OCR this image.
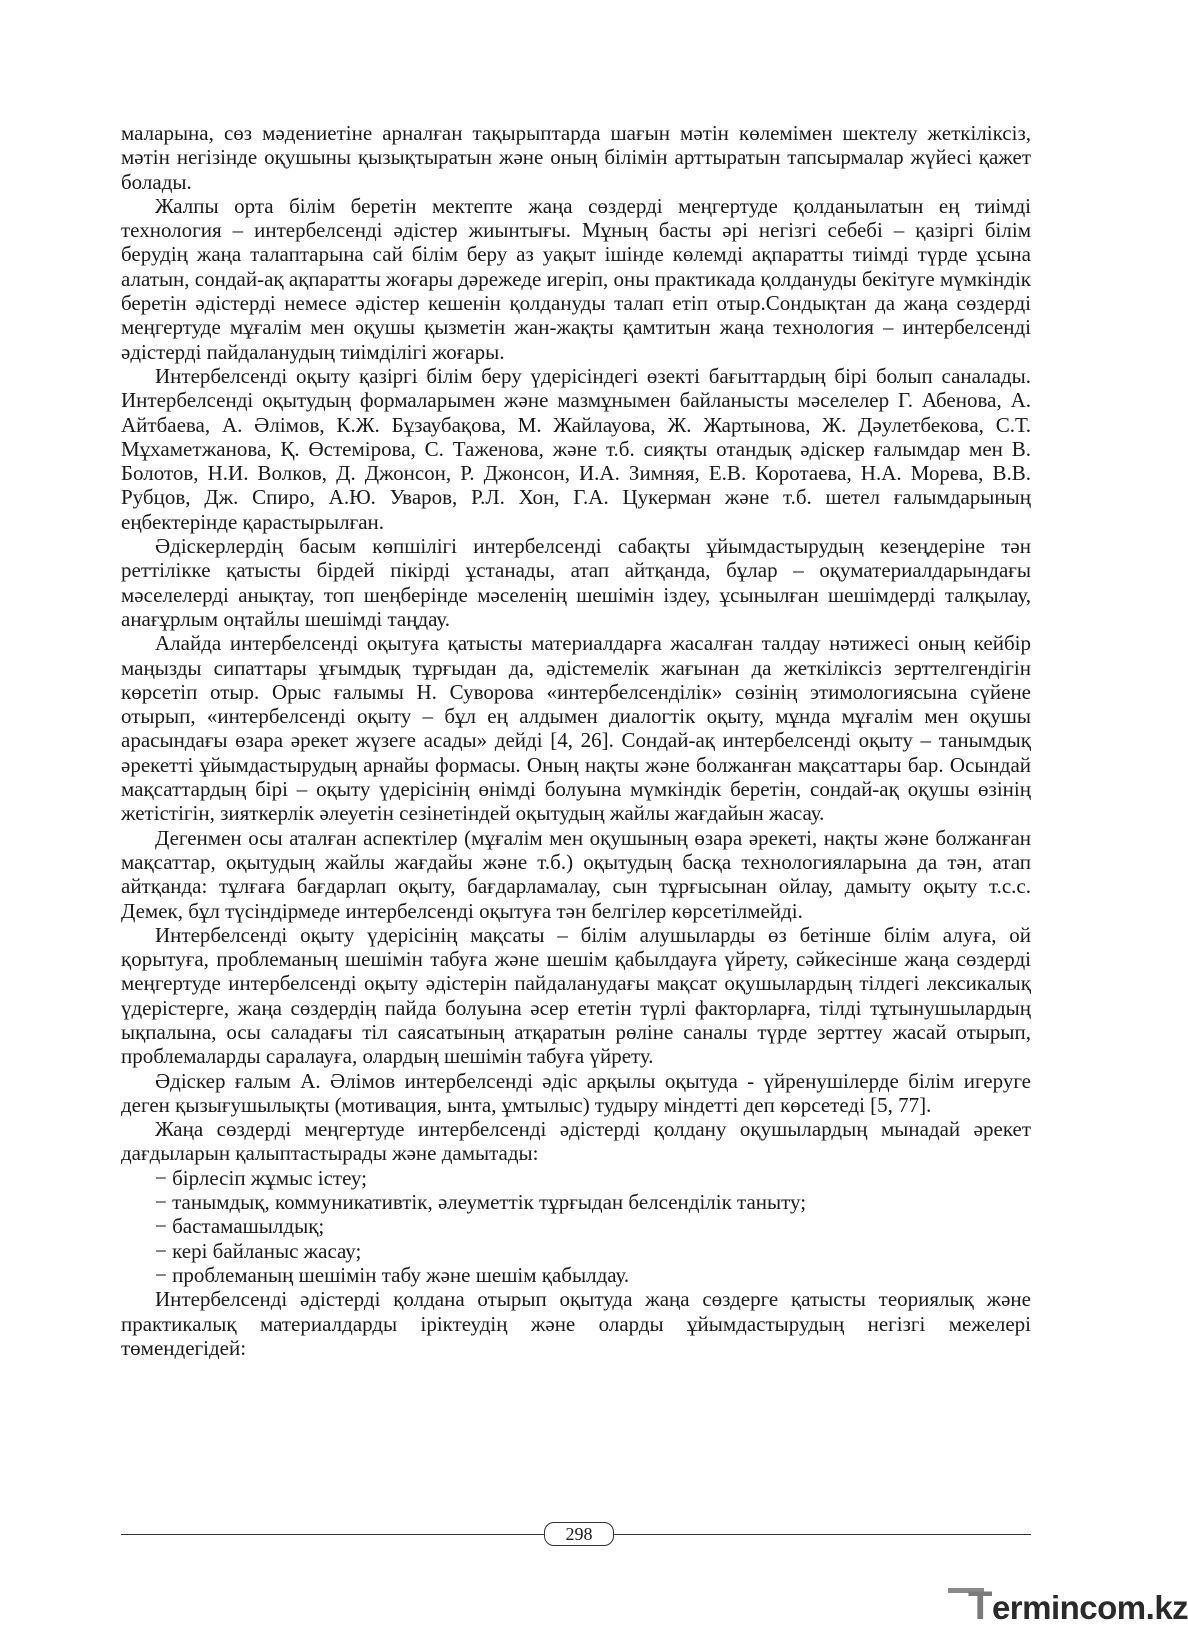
маларына, сөз мәдениетіне арналған тақырыптарда шағын мәтін көлемімен шектелу жеткіліксіз, мәтін негізінде оқушыны қызықтыратын және оның білімін арттыратын тапсырмалар жүйесі қажет болады.

Жалпы орта білім беретін мектепте жаңа сөздерді меңгертуде қолданылатын ең тиімді технология – интербелсенді әдістер жиынтығы. Мұның басты әрі негізгі себебі – қазіргі білім берудің жаңа талаптарына сай білім беру аз уақыт ішінде көлемді ақпаратты тиімді түрде ұсына алатын, сондай-ақ ақпаратты жоғары дәрежеде игеріп, оны практикада қолдануды бекітуге мүмкіндік беретін әдістерді немесе әдістер кешенін қолдануды талап етіп отыр.Сондықтан да жаңа сөздерді меңгертуде мұғалім мен оқушы қызметін жан-жақты қамтитын жаңа технология – интербелсенді әдістерді пайдаланудың тиімділігі жоғары.

Интербелсенді оқыту қазіргі білім беру үдерісіндегі өзекті бағыттардың бірі болып саналады. Интербелсенді оқытудың формаларымен және мазмұнымен байланысты мәселелер Г. Абенова, А. Айтбаева, А. Әлімов, К.Ж. Бұзаубақова, М. Жайлауова, Ж. Жартынова, Ж. Дәулетбекова, С.Т. Мұхаметжанова, Қ. Өстемірова, С. Таженова, және т.б. сияқты отандық әдіскер ғалымдар мен В. Болотов, Н.И. Волков, Д. Джонсон, Р. Джонсон, И.А. Зимняя, Е.В. Коротаева, Н.А. Морева, В.В. Рубцов, Дж. Спиро, А.Ю. Уваров, Р.Л. Хон, Г.А. Цукерман және т.б. шетел ғалымдарының еңбектерінде қарастырылған.

Әдіскерлердің басым көпшілігі интербелсенді сабақты ұйымдастырудың кезеңдеріне тән реттілікке қатысты бірдей пікірді ұстанады, атап айтқанда, бұлар – оқуматериалдарындағы мәселелерді анықтау, топ шеңберінде мәселенің шешімін іздеу, ұсынылған шешімдерді талқылау, анағұрлым оңтайлы шешімді таңдау.

Алайда интербелсенді оқытуға қатысты материалдарға жасалған талдау нәтижесі оның кейбір маңызды сипаттары ұғымдық тұрғыдан да, әдістемелік жағынан да жеткіліксіз зерттелгендігін көрсетіп отыр. Орыс ғалымы Н. Суворова «интербелсенділік» сөзінің этимологиясына сүйене отырып, «интербелсенді оқыту – бұл ең алдымен диалогтік оқыту, мұнда мұғалім мен оқушы арасындағы өзара әрекет жүзеге асады» дейді [4, 26]. Сондай-ақ интербелсенді оқыту – танымдық әрекетті ұйымдастырудың арнайы формасы. Оның нақты және болжанған мақсаттары бар. Осындай мақсаттардың бірі – оқыту үдерісінің өнімді болуына мүмкіндік беретін, сондай-ақ оқушы өзінің жетістігін, зияткерлік әлеуетін сезінетіндей оқытудың жайлы жағдайын жасау.

Дегенмен осы аталған аспектілер (мұғалім мен оқушының өзара әрекеті, нақты және болжанған мақсаттар, оқытудың жайлы жағдайы және т.б.) оқытудың басқа технологияларына да тән, атап айтқанда: тұлғаға бағдарлап оқыту, бағдарламалау, сын тұрғысынан ойлау, дамыту оқыту т.с.с. Демек, бұл түсіндірмеде интербелсенді оқытуға тән белгілер көрсетілмейді.

Интербелсенді оқыту үдерісінің мақсаты – білім алушыларды өз бетінше білім алуға, ой қорытуға, проблеманың шешімін табуға және шешім қабылдауға үйрету, сәйкесінше жаңа сөздерді меңгертуде интербелсенді оқыту әдістерін пайдаланудағы мақсат оқушылардың тілдегі лексикалық үдерістерге, жаңа сөздердің пайда болуына әсер ететін түрлі факторларға, тілді тұтынушылардың ықпалына, осы саладағы тіл саясатының атқаратын рөліне саналы түрде зерттеу жасай отырып, проблемаларды саралауға, олардың шешімін табуға үйрету.

Әдіскер ғалым А. Әлімов интербелсенді әдіс арқылы оқытуда - үйренушілерде білім игеруге деген қызығушылықты (мотивация, ынта, ұмтылыс) тудыру міндетті деп көрсетеді [5, 77].

Жаңа сөздерді меңгертуде интербелсенді әдістерді қолдану оқушылардың мынадай әрекет дағдыларын қалыптастырады және дамытады:

− бірлесіп жұмыс істеу;

− танымдық, коммуникативтік, әлеуметтік тұрғыдан белсенділік таныту;

− бастамашылдық;

− кері байланыс жасау;

− проблеманың шешімін табу және шешім қабылдау.

Интербелсенді әдістерді қолдана отырып оқытуда жаңа сөздерге қатысты теориялық және практикалық материалдарды іріктеудің және оларды ұйымдастырудың негізгі межелері төмендегідей:

298
Termincom.kz
